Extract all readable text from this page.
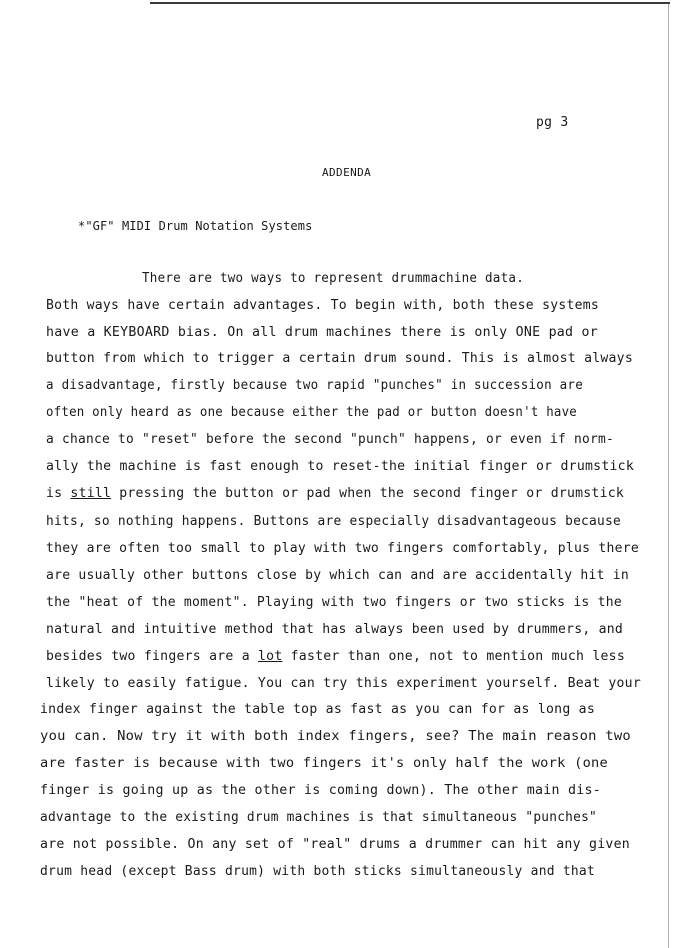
pg 3
ADDENDA
*"GF" MIDI Drum Notation Systems
There are two ways to represent drummachine data.
Both ways have certain advantages. To begin with, both these systems
have a KEYBOARD bias. On all drum machines there is only ONE pad or
button from which to trigger a certain drum sound. This is almost always
a disadvantage, firstly because two rapid "punches" in succession are
often only heard as one because either the pad or button doesn't have
a chance to "reset" before the second "punch" happens, or even if norm-
ally the machine is fast enough to reset-the initial finger or drumstick
is still pressing the button or pad when the second finger or drumstick
hits, so nothing happens. Buttons are especially disadvantageous because
they are often too small to play with two fingers comfortably, plus there
are usually other buttons close by which can and are accidentally hit in
the "heat of the moment". Playing with two fingers or two sticks is the
natural and intuitive method that has always been used by drummers, and
besides two fingers are a lot faster than one, not to mention much less
likely to easily fatigue. You can try this experiment yourself. Beat your
index finger against the table top as fast as you can for as long as
you can. Now try it with both index fingers, see? The main reason two
are faster is because with two fingers it's only half the work (one
finger is going up as the other is coming down). The other main dis-
advantage to the existing drum machines is that simultaneous "punches"
are not possible. On any set of "real" drums a drummer can hit any given
drum head (except Bass drum) with both sticks simultaneously and that
